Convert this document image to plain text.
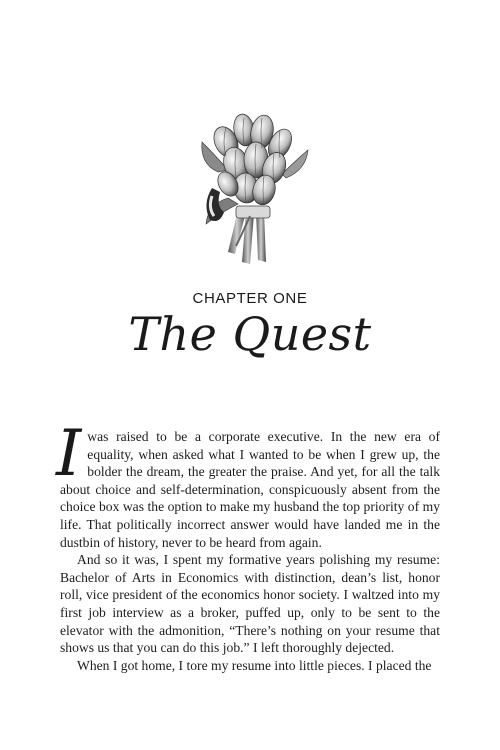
CHAPTER ONE
The Quest

I was raised to be a corporate executive. In the new era of equality, when asked what I wanted to be when I grew up, the bolder the dream, the greater the praise. And yet, for all the talk about choice and self-determination, conspicuously absent from the choice box was the option to make my husband the top priority of my life. That politically incorrect answer would have landed me in the dustbin of history, never to be heard from again.

And so it was, I spent my formative years polishing my resume: Bachelor of Arts in Economics with distinction, dean’s list, honor roll, vice president of the economics honor society. I waltzed into my first job interview as a broker, puffed up, only to be sent to the elevator with the admonition, “There’s nothing on your resume that shows us that you can do this job.” I left thoroughly dejected.

When I got home, I tore my resume into little pieces. I placed the
